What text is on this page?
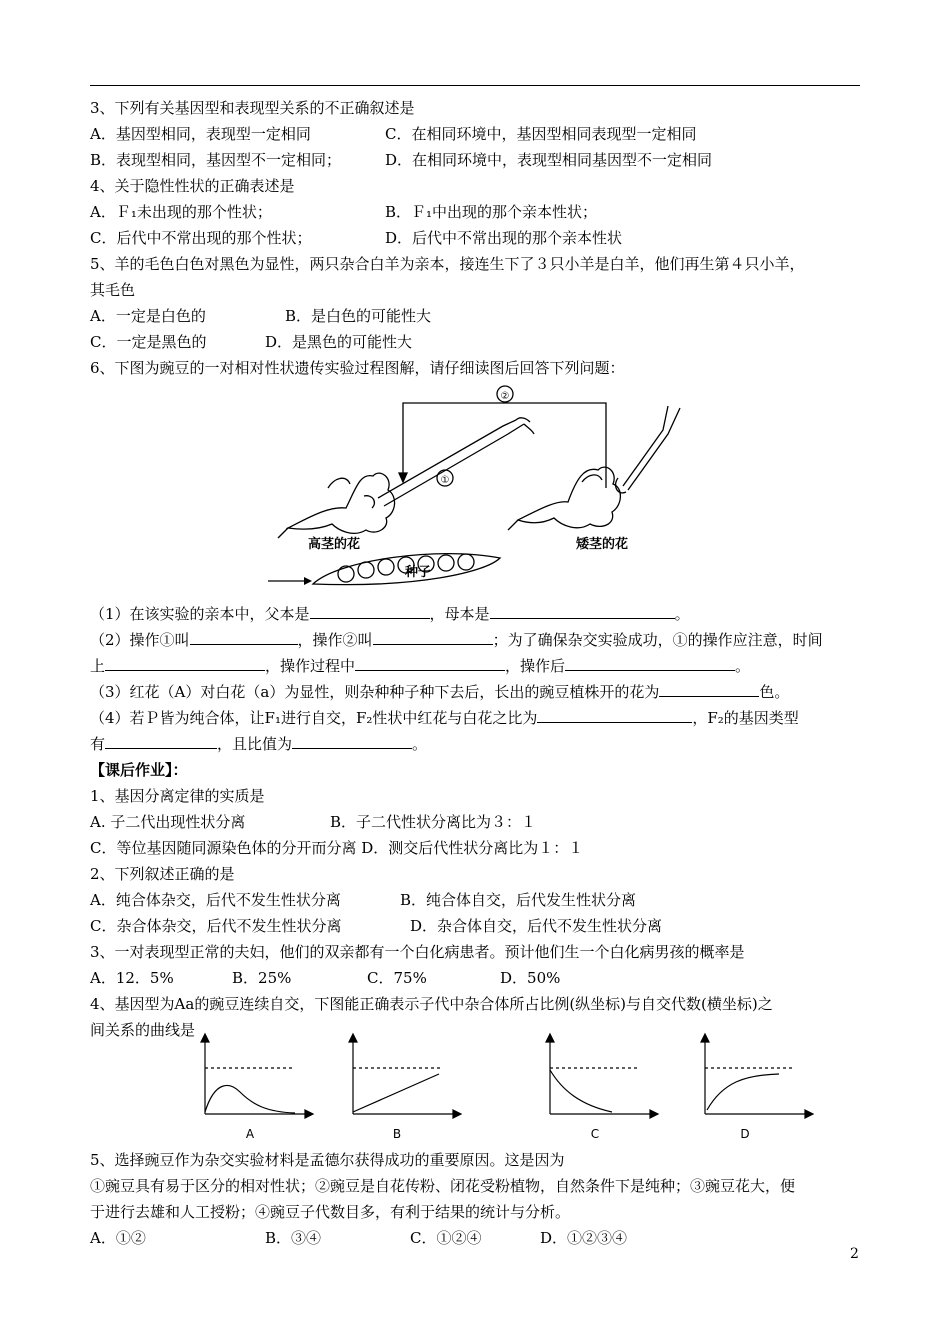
3、下列有关基因型和表现型关系的不正确叙述是
A．基因型相同，表现型一定相同	C．在相同环境中，基因型相同表现型一定相同
B．表现型相同，基因型不一定相同；	D．在相同环境中，表现型相同基因型不一定相同
4、关于隐性性状的正确表述是
A．Ｆ₁未出现的那个性状；	B．Ｆ₁中出现的那个亲本性状；
C．后代中不常出现的那个性状；	D．后代中不常出现的那个亲本性状
5、羊的毛色白色对黑色为显性，两只杂合白羊为亲本，接连生下了３只小羊是白羊，他们再生第４只小羊，
其毛色
A．一定是白色的	B．是白色的可能性大
C．一定是黑色的	D．是黑色的可能性大
6、下图为豌豆的一对相对性状遗传实验过程图解，请仔细读图后回答下列问题：
②
①
高茎的花	矮茎的花
种子
（1）在该实验的亲本中，父本是	，母本是	。
（2）操作①叫	，操作②叫	；为了确保杂交实验成功，①的操作应注意，时间
上	，操作过程中	，操作后	。
（3）红花（A）对白花（a）为显性，则杂种种子种下去后，长出的豌豆植株开的花为	色。
（4）若Ｐ皆为纯合体，让F₁进行自交，F₂性状中红花与白花之比为	，F₂的基因类型
有	，且比值为	。
【课后作业】：
1、基因分离定律的实质是
A. 子二代出现性状分离	B．子二代性状分离比为３：１
C．等位基因随同源染色体的分开而分离 D．测交后代性状分离比为１：１
2、下列叙述正确的是
A．纯合体杂交，后代不发生性状分离	B．纯合体自交，后代发生性状分离
C．杂合体杂交，后代不发生性状分离	D．杂合体自交，后代不发生性状分离
3、一对表现型正常的夫妇，他们的双亲都有一个白化病患者。预计他们生一个白化病男孩的概率是
A．12．5%	B．25%	C．75%	D．50%
4、基因型为Aa的豌豆连续自交，下图能正确表示子代中杂合体所占比例(纵坐标)与自交代数(横坐标)之
间关系的曲线是
A	B	C	D
5、选择豌豆作为杂交实验材料是孟德尔获得成功的重要原因。这是因为
①豌豆具有易于区分的相对性状；②豌豆是自花传粉、闭花受粉植物，自然条件下是纯种；③豌豆花大，便
于进行去雄和人工授粉；④豌豆子代数目多，有利于结果的统计与分析。
A．①②	B．③④	C．①②④	D．①②③④
2
